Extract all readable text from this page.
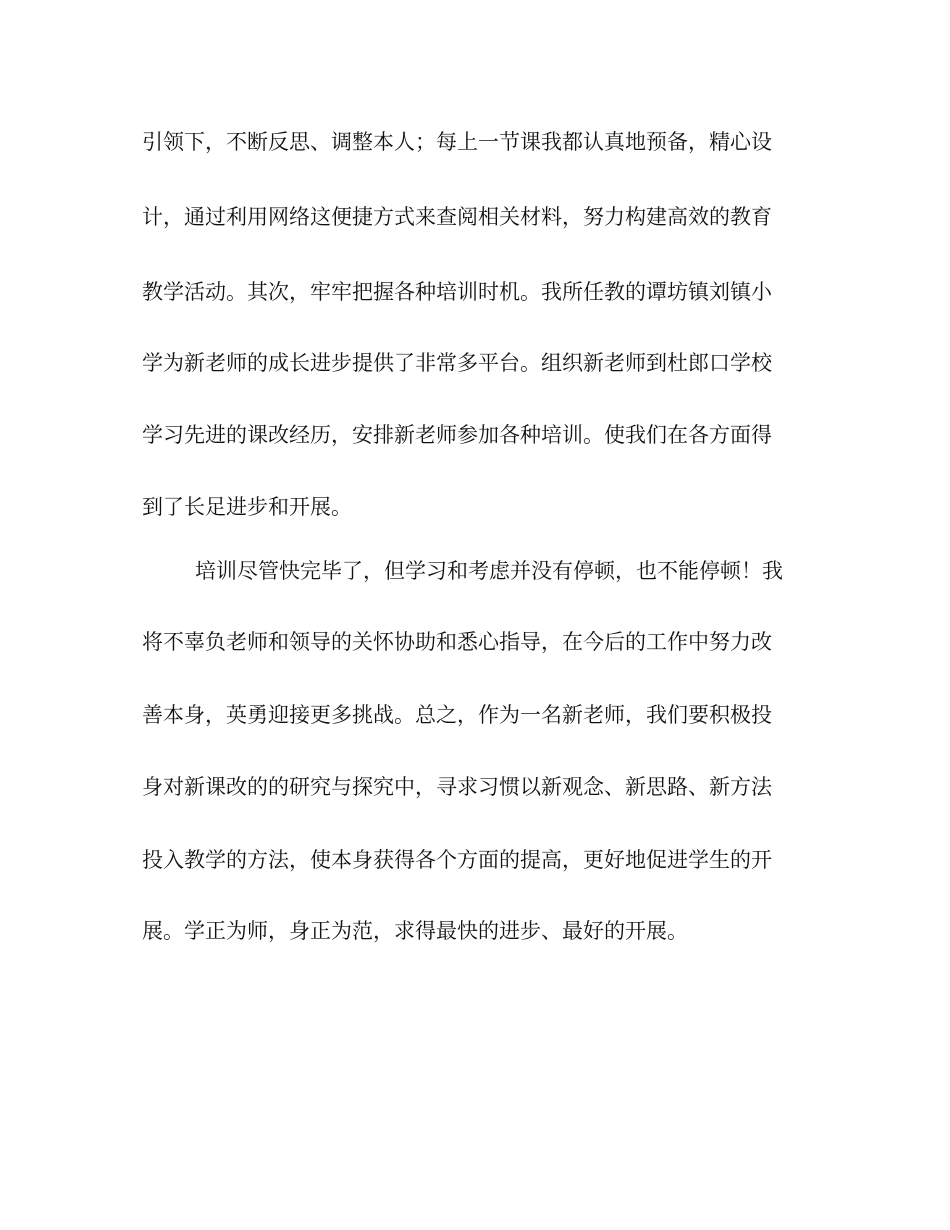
引领下，不断反思、调整本人；每上一节课我都认真地预备，精心设
计，通过利用网络这便捷方式来查阅相关材料，努力构建高效的教育
教学活动。其次，牢牢把握各种培训时机。我所任教的谭坊镇刘镇小
学为新老师的成长进步提供了非常多平台。组织新老师到杜郎口学校
学习先进的课改经历，安排新老师参加各种培训。使我们在各方面得
到了长足进步和开展。
培训尽管快完毕了，但学习和考虑并没有停顿，也不能停顿！我
将不辜负老师和领导的关怀协助和悉心指导，在今后的工作中努力改
善本身，英勇迎接更多挑战。总之，作为一名新老师，我们要积极投
身对新课改的的研究与探究中，寻求习惯以新观念、新思路、新方法
投入教学的方法，使本身获得各个方面的提高，更好地促进学生的开
展。学正为师，身正为范，求得最快的进步、最好的开展。
